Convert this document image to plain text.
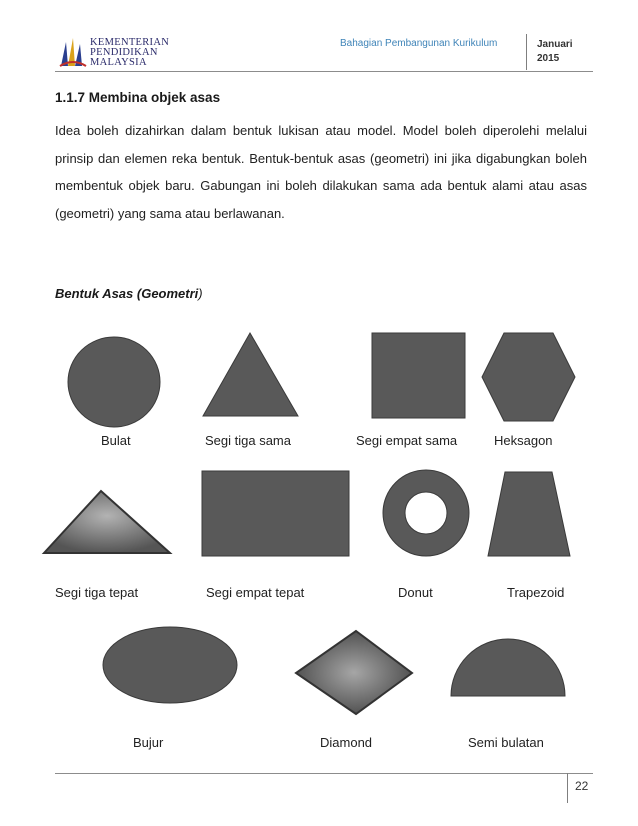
KEMENTERIAN
PENDIDIKAN
MALAYSIA
Bahagian Pembangunan Kurikulum	Januari
2015
1.1.7 Membina objek asas
Idea boleh dizahirkan dalam bentuk lukisan atau model. Model boleh diperolehi melalui prinsip dan elemen reka bentuk. Bentuk-bentuk asas (geometri) ini jika digabungkan boleh membentuk objek baru. Gabungan ini boleh dilakukan sama ada bentuk alami atau asas (geometri) yang sama atau berlawanan.
Bentuk Asas (Geometri)
Bulat	Segi tiga sama	Segi empat sama	Heksagon
Segi tiga tepat	Segi empat tepat	Donut	Trapezoid
Bujur	Diamond	Semi bulatan
22
